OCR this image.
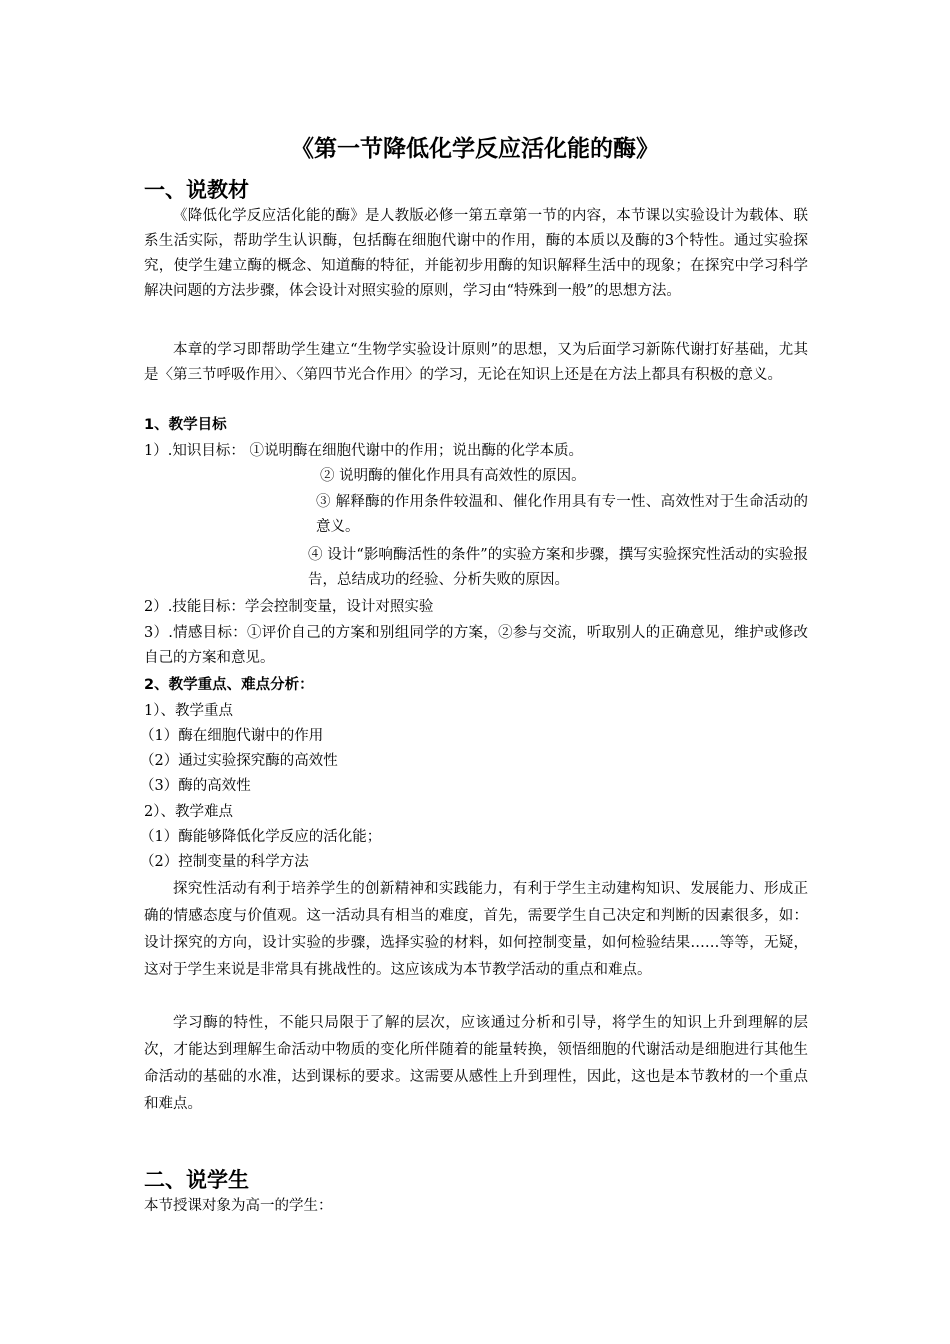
《第一节降低化学反应活化能的酶》
一、说教材

《降低化学反应活化能的酶》是人教版必修一第五章第一节的内容，本节课以实验设计为载体、联系生活实际，帮助学生认识酶，包括酶在细胞代谢中的作用，酶的本质以及酶的3个特性。通过实验探究，使学生建立酶的概念、知道酶的特征，并能初步用酶的知识解释生活中的现象；在探究中学习科学解决问题的方法步骤，体会设计对照实验的原则，学习由“特殊到一般”的思想方法。

本章的学习即帮助学生建立“生物学实验设计原则”的思想，又为后面学习新陈代谢打好基础，尤其是〈第三节呼吸作用〉、〈第四节光合作用〉的学习，无论在知识上还是在方法上都具有积极的意义。

1、教学目标
1）.知识目标： ①说明酶在细胞代谢中的作用；说出酶的化学本质。
② 说明酶的催化作用具有高效性的原因。
③ 解释酶的作用条件较温和、催化作用具有专一性、高效性对于生命活动的意义。
④ 设计“影响酶活性的条件”的实验方案和步骤，撰写实验探究性活动的实验报告，总结成功的经验、分析失败的原因。
2）.技能目标：学会控制变量，设计对照实验

3）.情感目标：①评价自己的方案和别组同学的方案，②参与交流，听取别人的正确意见，维护或修改自己的方案和意见。

2、教学重点、难点分析：
1）、教学重点
（1）酶在细胞代谢中的作用
（2）通过实验探究酶的高效性
（3）酶的高效性
2）、教学难点
（1）酶能够降低化学反应的活化能；
（2）控制变量的科学方法

探究性活动有利于培养学生的创新精神和实践能力，有利于学生主动建构知识、发展能力、形成正确的情感态度与价值观。这一活动具有相当的难度，首先，需要学生自己决定和判断的因素很多，如：设计探究的方向，设计实验的步骤，选择实验的材料，如何控制变量，如何检验结果……等等，无疑，这对于学生来说是非常具有挑战性的。这应该成为本节教学活动的重点和难点。

学习酶的特性，不能只局限于了解的层次，应该通过分析和引导，将学生的知识上升到理解的层次，才能达到理解生命活动中物质的变化所伴随着的能量转换，领悟细胞的代谢活动是细胞进行其他生命活动的基础的水准，达到课标的要求。这需要从感性上升到理性，因此，这也是本节教材的一个重点和难点。

二、说学生
本节授课对象为高一的学生：
